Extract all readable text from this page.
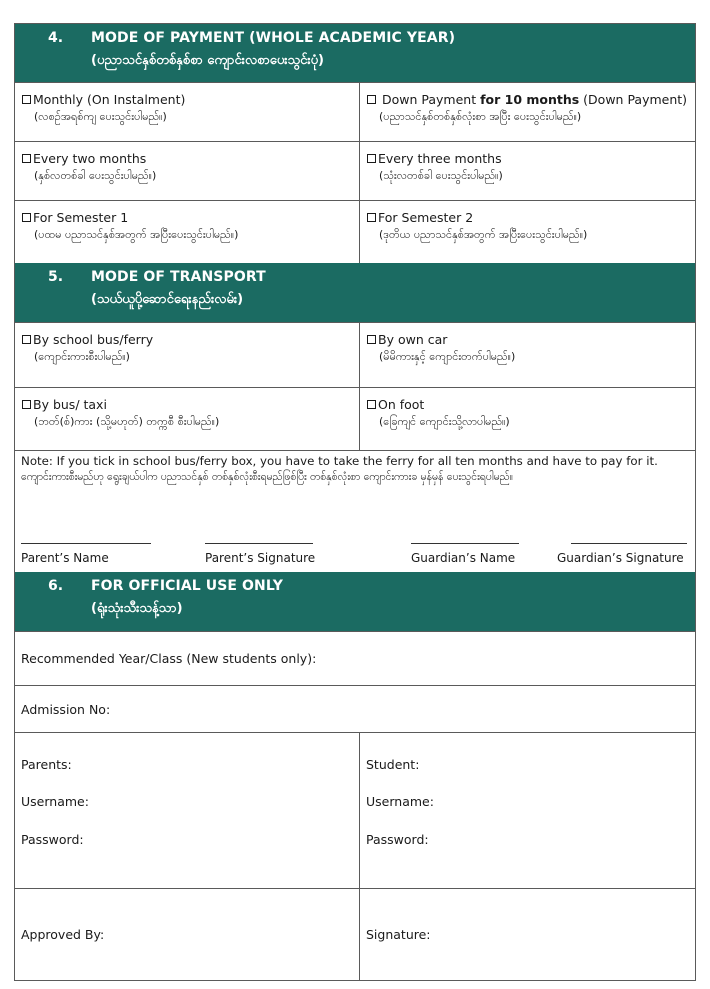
4. MODE OF PAYMENT (WHOLE ACADEMIC YEAR)
(ပညာသင်နှစ်တစ်နှစ်စာ ကျောင်းလစာပေးသွင်းပုံ)
Monthly (On Instalment)
(လစဉ်အရစ်ကျ ပေးသွင်းပါမည်။)
Down Payment for 10 months (Down Payment)
(ပညာသင်နှစ်တစ်နှစ်လုံးစာ အပြီး ပေးသွင်းပါမည်။)
Every two months
(နှစ်လတစ်ခါ ပေးသွင်းပါမည်။)
Every three months
(သုံးလတစ်ခါ ပေးသွင်းပါမည်။)
For Semester 1
(ပထမ ပညာသင်နှစ်အတွက် အပြီးပေးသွင်းပါမည်။)
For Semester 2
(ဒုတိယ ပညာသင်နှစ်အတွက် အပြီးပေးသွင်းပါမည်။)
5. MODE OF TRANSPORT
(သယ်ယူပို့ဆောင်ရေးနည်းလမ်း)
By school bus/ferry
(ကျောင်းကားစီးပါမည်။)
By own car
(မိမိကားနှင့် ကျောင်းတက်ပါမည်။)
By bus/ taxi
(ဘတ်(စ်)ကား (သို့မဟုတ်) တက္ကစီ စီးပါမည်။)
On foot
(ခြေကျင် ကျောင်းသို့လာပါမည်။)
Note: If you tick in school bus/ferry box, you have to take the ferry for all ten months and have to pay for it.
ကျောင်းကားစီးမည်ဟု ရွေးချယ်ပါက ပညာသင်နှစ် တစ်နှစ်လုံးစီးရမည်ဖြစ်ပြီး တစ်နှစ်လုံးစာ ကျောင်းကားခ မှန်မှန် ပေးသွင်းရပါမည်။
Parent’s Name	Parent’s Signature	Guardian’s Name	Guardian’s Signature
6. FOR OFFICIAL USE ONLY
(ရုံးသုံးသီးသန့်သာ)
Recommended Year/Class (New students only):
Admission No:
Parents:
Username:
Password:
Student:
Username:
Password:
Approved By:	Signature:
